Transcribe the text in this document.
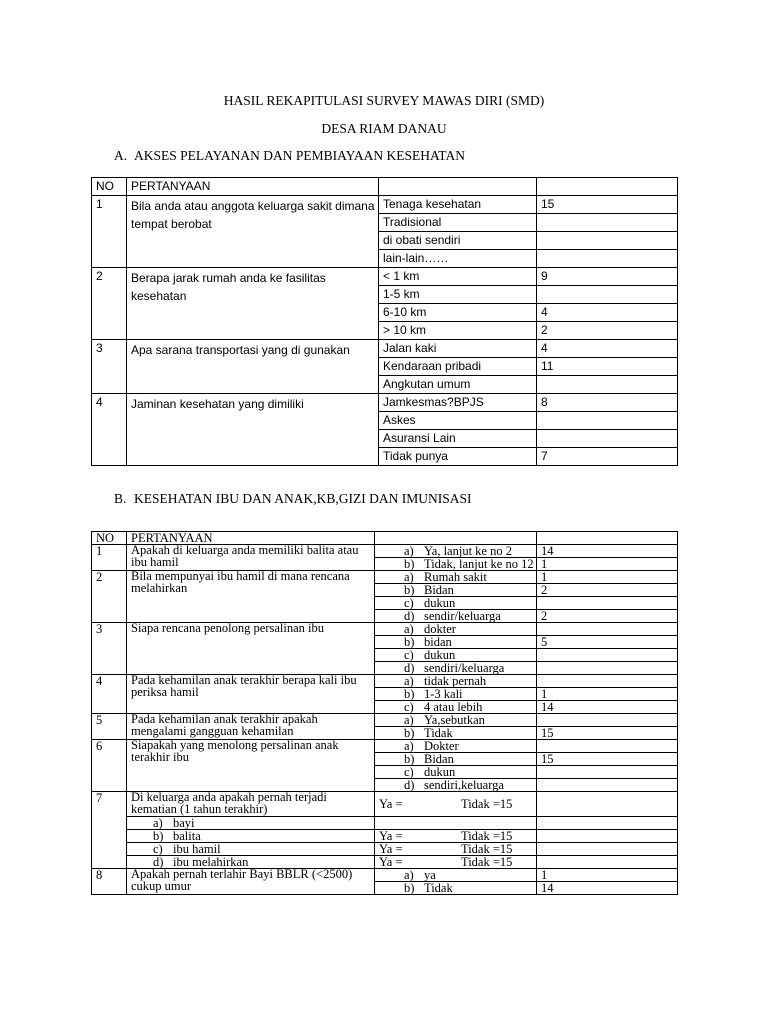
HASIL REKAPITULASI SURVEY MAWAS DIRI (SMD)
DESA RIAM DANAU
A. AKSES PELAYANAN DAN PEMBIAYAAN KESEHATAN
NO	PERTANYAAN		
1	Bila anda atau anggota keluarga sakit dimana tempat berobat	Tenaga kesehatan	15
		Tradisional	
		di obati sendiri	
		lain-lain……	
2	Berapa jarak rumah anda ke fasilitas kesehatan	< 1 km	9
		1-5 km	
		6-10 km	4
		> 10 km	2
3	Apa sarana transportasi yang di gunakan	Jalan kaki	4
		Kendaraan pribadi	11
		Angkutan umum	
4	Jaminan kesehatan yang dimiliki	Jamkesmas?BPJS	8
		Askes	
		Asuransi Lain	
		Tidak punya	7
B. KESEHATAN IBU DAN ANAK,KB,GIZI DAN IMUNISASI
NO	PERTANYAAN		
1	Apakah di keluarga anda memiliki balita atau ibu hamil	a) Ya, lanjut ke no 2	14

		b) Tidak, lanjut ke no 12	1
2	Bila mempunyai ibu hamil di mana rencana melahirkan	a) Rumah sakit	1

		b) Bidan	2

		c) dukun	

		d) sendir/keluarga	2
3	Siapa rencana penolong persalinan ibu	a) dokter	

		b) bidan	5

		c) dukun	

		d) sendiri/keluarga	

4	Pada kehamilan anak terakhir berapa kali ibu periksa hamil	a) tidak pernah	

		b) 1-3 kali	1

		c) 4 atau lebih	14
5	Pada kehamilan anak terakhir apakah mengalami gangguan kehamilan	a) Ya,sebutkan	

		b) Tidak	15
6	Siapakah yang menolong persalinan anak terakhir ibu	a) Dokter	

		b) Bidan	15

		c) dukun	

		d) sendiri,keluarga	

7	Di keluarga anda apakah pernah terjadi kematian (1 tahun terakhir)	Ya = Tidak =15	

	a) bayi		

	b) balita	Ya = Tidak =15	

	c) ibu hamil	Ya = Tidak =15	

	d) ibu melahirkan	Ya = Tidak =15	

8	Apakah pernah terlahir Bayi BBLR (<2500) cukup umur	a) ya	1

		b) Tidak	14
